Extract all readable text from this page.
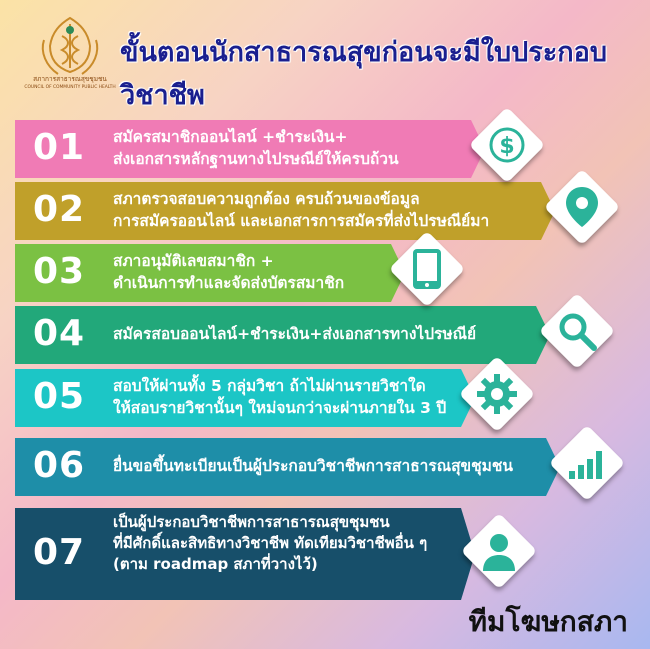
สภาการสาธารณสุขชุมชน
COUNCIL OF COMMUNITY PUBLIC HEALTH
ขั้นตอนนักสาธารณสุขก่อนจะมีใบประกอบวิชาชีพ
01 สมัครสมาชิกออนไลน์ +ชำระเงิน+
ส่งเอกสารหลักฐานทางไปรษณีย์ให้ครบถ้วน
02 สภาตรวจสอบความถูกต้อง ครบถ้วนของข้อมูล
การสมัครออนไลน์ และเอกสารการสมัครที่ส่งไปรษณีย์มา
03 สภาอนุมัติเลขสมาชิก +
ดำเนินการทำและจัดส่งบัตรสมาชิก
04 สมัครสอบออนไลน์+ชำระเงิน+ส่งเอกสารทางไปรษณีย์
05 สอบให้ผ่านทั้ง 5 กลุ่มวิชา ถ้าไม่ผ่านรายวิชาใด
ให้สอบรายวิชานั้นๆ ใหม่จนกว่าจะผ่านภายใน 3 ปี
06 ยื่นขอขึ้นทะเบียนเป็นผู้ประกอบวิชาชีพการสาธารณสุขชุมชน
07
เป็นผู้ประกอบวิชาชีพการสาธารณสุขชุมชน
ที่มีศักดิ์และสิทธิทางวิชาชีพ ทัดเทียมวิชาชีพอื่น ๆ
(ตาม roadmap สภาที่วางไว้)
ทีมโฆษกสภา
$
